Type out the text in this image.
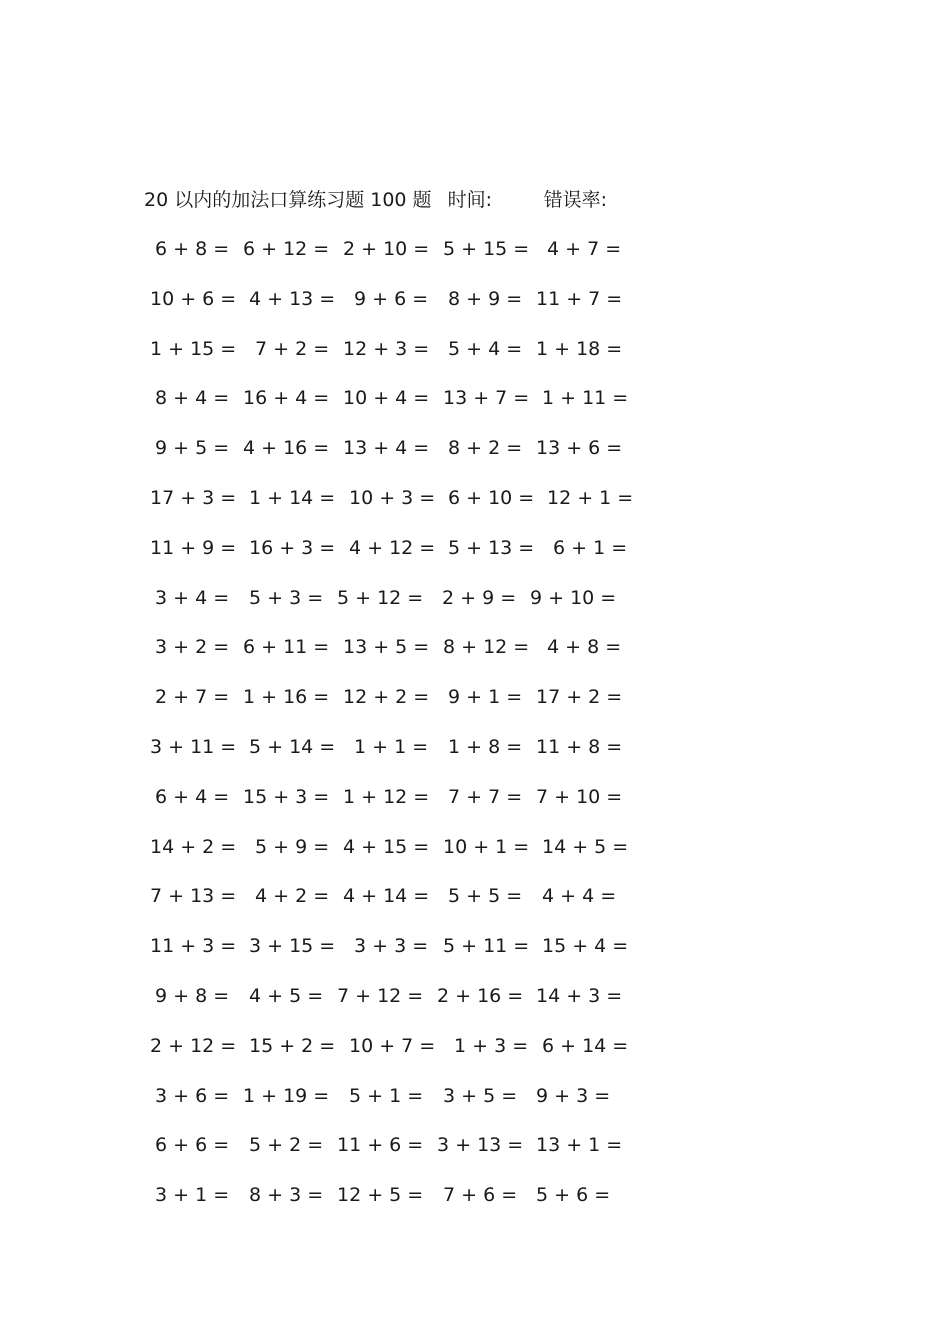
20 以内的加法口算练习题 100 题 时间:	错误率:
6 + 8 = 6 + 12 = 2 + 10 = 5 + 15 = 4 + 7 =
10 + 6 = 4 + 13 = 9 + 6 = 8 + 9 = 11 + 7 =
1 + 15 = 7 + 2 = 12 + 3 = 5 + 4 = 1 + 18 =
8 + 4 = 16 + 4 = 10 + 4 = 13 + 7 = 1 + 11 =
9 + 5 = 4 + 16 = 13 + 4 = 8 + 2 = 13 + 6 =
17 + 3 = 1 + 14 = 10 + 3 = 6 + 10 = 12 + 1 =
11 + 9 = 16 + 3 = 4 + 12 = 5 + 13 = 6 + 1 =
3 + 4 = 5 + 3 = 5 + 12 = 2 + 9 = 9 + 10 =
3 + 2 = 6 + 11 = 13 + 5 = 8 + 12 = 4 + 8 =
2 + 7 = 1 + 16 = 12 + 2 = 9 + 1 = 17 + 2 =
3 + 11 = 5 + 14 = 1 + 1 = 1 + 8 = 11 + 8 =
6 + 4 = 15 + 3 = 1 + 12 = 7 + 7 = 7 + 10 =
14 + 2 = 5 + 9 = 4 + 15 = 10 + 1 = 14 + 5 =
7 + 13 = 4 + 2 = 4 + 14 = 5 + 5 = 4 + 4 =
11 + 3 = 3 + 15 = 3 + 3 = 5 + 11 = 15 + 4 =
9 + 8 = 4 + 5 = 7 + 12 = 2 + 16 = 14 + 3 =
2 + 12 = 15 + 2 = 10 + 7 = 1 + 3 = 6 + 14 =
3 + 6 = 1 + 19 = 5 + 1 = 3 + 5 = 9 + 3 =
6 + 6 = 5 + 2 = 11 + 6 = 3 + 13 = 13 + 1 =
3 + 1 = 8 + 3 = 12 + 5 = 7 + 6 = 5 + 6 =
